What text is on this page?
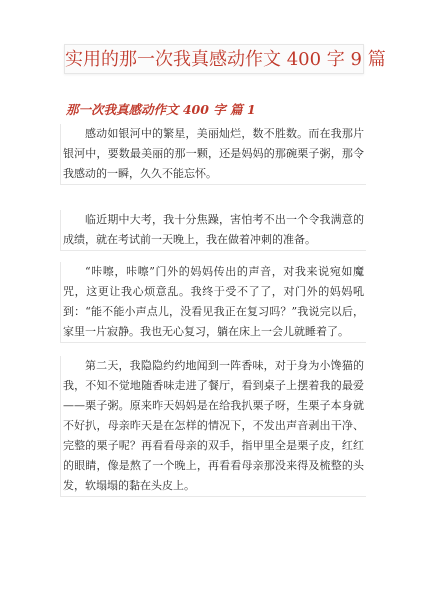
实用的那一次我真感动作文 400 字 9 篇
那一次我真感动作文 400 字 篇 1

感动如银河中的繁星，美丽灿烂，数不胜数。而在我那片银河中，要数最美丽的那一颗，还是妈妈的那碗栗子粥，那令我感动的一瞬，久久不能忘怀。

临近期中大考，我十分焦躁，害怕考不出一个令我满意的成绩，就在考试前一天晚上，我在做着冲刺的准备。

“咔嚓，咔嚓”门外的妈妈传出的声音，对我来说宛如魔咒，这更让我心烦意乱。我终于受不了了，对门外的妈妈吼到：“能不能小声点儿，没看见我正在复习吗？”我说完以后，家里一片寂静。我也无心复习，躺在床上一会儿就睡着了。

第二天，我隐隐约约地闻到一阵香味，对于身为小馋猫的我，不知不觉地随香味走进了餐厅，看到桌子上摆着我的最爱——栗子粥。原来昨天妈妈是在给我扒栗子呀，生栗子本身就不好扒，母亲昨天是在怎样的情况下，不发出声音剥出干净、完整的栗子呢？再看看母亲的双手，指甲里全是栗子皮，红红的眼睛，像是熬了一个晚上，再看看母亲那没来得及梳整的头发，软塌塌的黏在头皮上。
